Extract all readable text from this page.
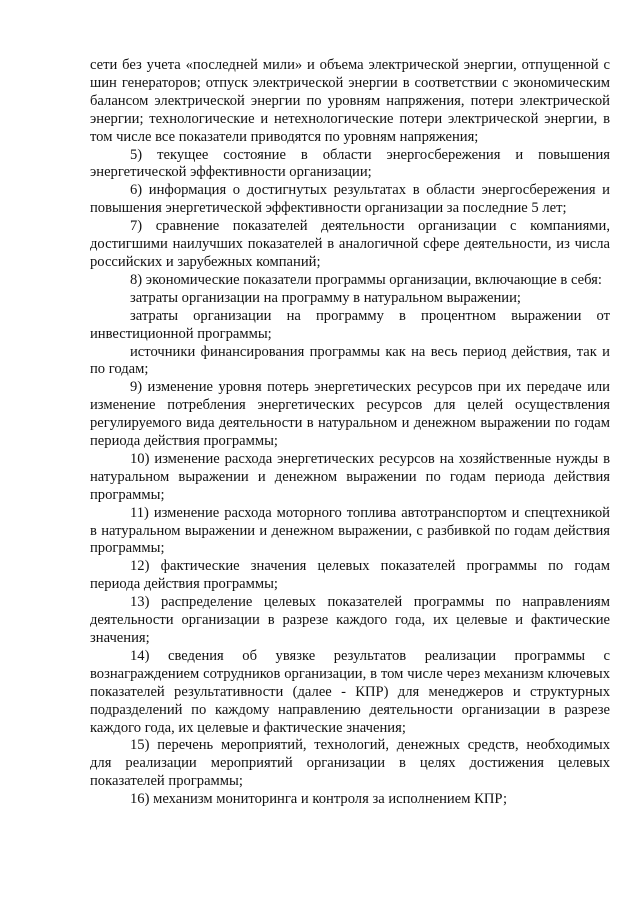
сети без учета «последней мили» и объема электрической энергии, отпущенной с шин генераторов; отпуск электрической энергии в соответствии с экономическим балансом электрической энергии по уровням напряжения, потери электрической энергии; технологические и нетехнологические потери электрической энергии, в том числе все показатели приводятся по уровням напряжения;

5) текущее состояние в области энергосбережения и повышения энергетической эффективности организации;

6) информация о достигнутых результатах в области энергосбережения и повышения энергетической эффективности организации за последние 5 лет;

7) сравнение показателей деятельности организации с компаниями, достигшими наилучших показателей в аналогичной сфере деятельности, из числа российских и зарубежных компаний;

8) экономические показатели программы организации, включающие в себя:

затраты организации на программу в натуральном выражении;

затраты организации на программу в процентном выражении от инвестиционной программы;

источники финансирования программы как на весь период действия, так и по годам;

9) изменение уровня потерь энергетических ресурсов при их передаче или изменение потребления энергетических ресурсов для целей осуществления регулируемого вида деятельности в натуральном и денежном выражении по годам периода действия программы;

10) изменение расхода энергетических ресурсов на хозяйственные нужды в натуральном выражении и денежном выражении по годам периода действия программы;

11) изменение расхода моторного топлива автотранспортом и спецтехникой в натуральном выражении и денежном выражении, с разбивкой по годам действия программы;

12) фактические значения целевых показателей программы по годам периода действия программы;

13) распределение целевых показателей программы по направлениям деятельности организации в разрезе каждого года, их целевые и фактические значения;

14) сведения об увязке результатов реализации программы с вознаграждением сотрудников организации, в том числе через механизм ключевых показателей результативности (далее - КПР) для менеджеров и структурных подразделений по каждому направлению деятельности организации в разрезе каждого года, их целевые и фактические значения;

15) перечень мероприятий, технологий, денежных средств, необходимых для реализации мероприятий организации в целях достижения целевых показателей программы;

16) механизм мониторинга и контроля за исполнением КПР;
